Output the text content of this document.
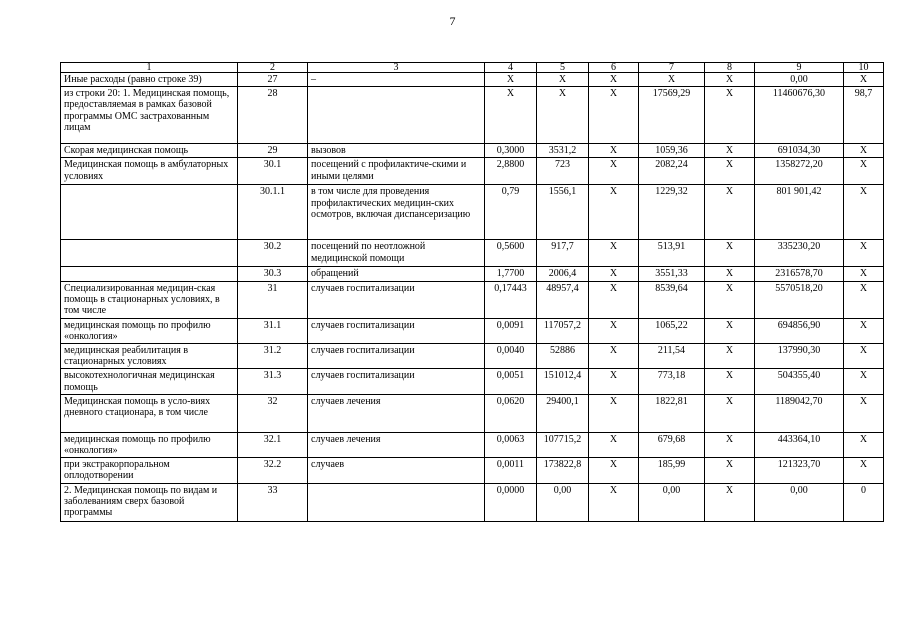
7
1	2	3	4	5	6	7	8	9	10
Иные расходы (равно строке 39)	27	–	Х	Х	Х	Х	Х	0,00	Х
из строки 20: 1. Медицинская помощь, предоставляемая в рамках базовой программы ОМС застрахованным лицам	28		Х	Х	Х	17569,29	Х	11460676,30	98,7
Скорая медицинская помощь	29	вызовов	0,3000	3531,2	Х	1059,36	Х	691034,30	Х
Медицинская помощь в амбулаторных условиях	30.1	посещений с профилактиче-скими и иными целями	2,8800	723	Х	2082,24	Х	1358272,20	Х
	30.1.1	в том числе для проведения профилактических медицин-ских осмотров, включая диспансеризацию	0,79	1556,1	Х	1229,32	Х	801 901,42	Х
	30.2	посещений по неотложной медицинской помощи	0,5600	917,7	Х	513,91	Х	335230,20	Х
	30.3	обращений	1,7700	2006,4	Х	3551,33	Х	2316578,70	Х
Специализированная медицин-ская помощь в стационарных условиях, в том числе	31	случаев госпитализации	0,17443	48957,4	Х	8539,64	Х	5570518,20	Х
медицинская помощь по профилю «онкология»	31.1	случаев госпитализации	0,0091	117057,2	Х	1065,22	Х	694856,90	Х
медицинская реабилитация в стационарных условиях	31.2	случаев госпитализации	0,0040	52886	Х	211,54	Х	137990,30	Х
высокотехнологичная медицинская помощь	31.3	случаев госпитализации	0,0051	151012,4	Х	773,18	Х	504355,40	Х
Медицинская помощь в усло-виях дневного стационара, в том числе	32	случаев лечения	0,0620	29400,1	Х	1822,81	Х	1189042,70	Х
медицинская помощь по профилю «онкология»	32.1	случаев лечения	0,0063	107715,2	Х	679,68	Х	443364,10	Х
при экстракорпоральном оплодотворении	32.2	случаев	0,0011	173822,8	Х	185,99	Х	121323,70	Х
2. Медицинская помощь по видам и заболеваниям сверх базовой программы	33		0,0000	0,00	Х	0,00	Х	0,00	0
